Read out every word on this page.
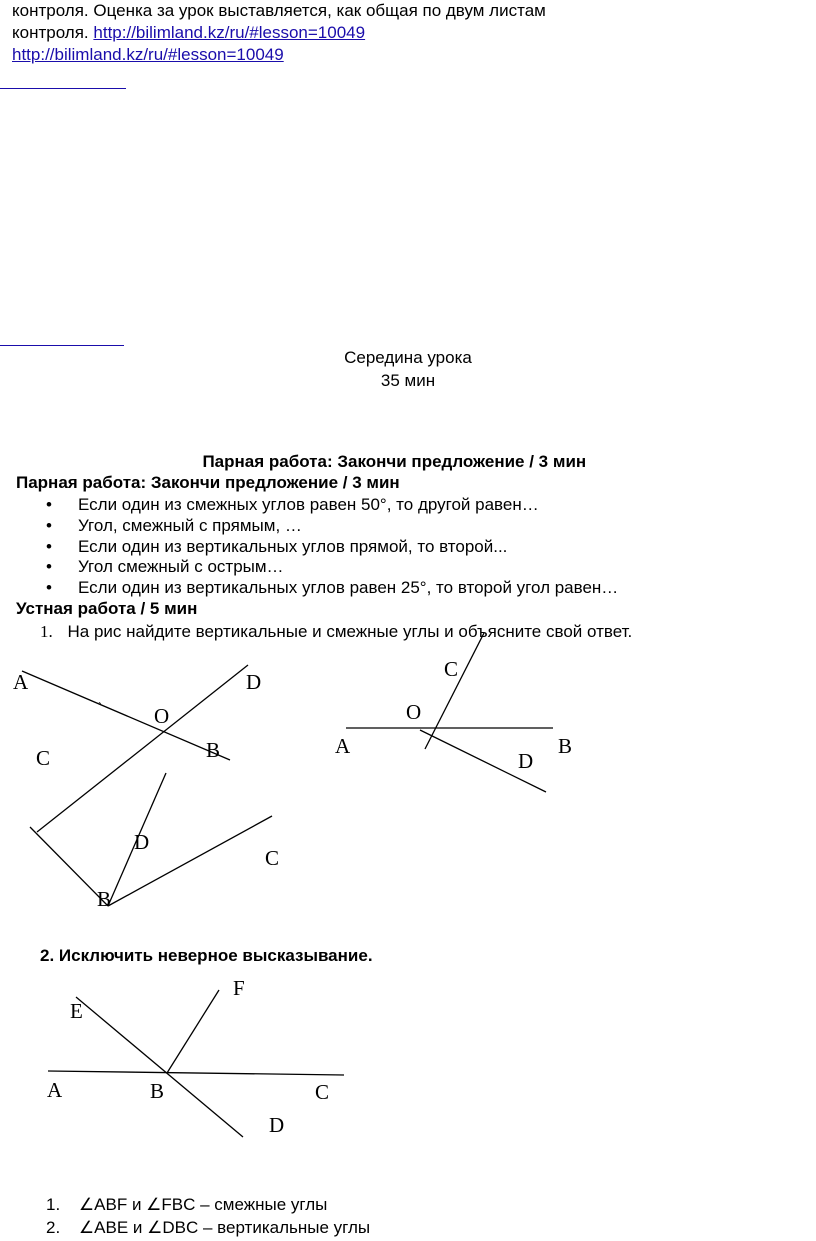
контроля. Оценка за урок выставляется, как общая по двум листам
контроля. http://bilimland.kz/ru/#lesson=10049
http://bilimland.kz/ru/#lesson=10049
Середина урока
35 мин
Парная работа: Закончи предложение / 3 мин
Парная работа: Закончи предложение / 3 мин
• Если один из смежных углов равен 50°, то другой равен…
• Угол, смежный с прямым, …
• Если один из вертикальных углов прямой, то второй...
• Угол смежный с острым…
• Если один из вертикальных углов равен 25°, то второй угол равен…
Устная работа / 5 мин
1. На рис найдите вертикальные и смежные углы и объясните свой ответ.
A	D
O
`
B
C
C
O
A	B
D
D
C
B
2. Исключить неверное высказывание.
F
E
A	B	C
D
1. ∠ABF и ∠FBC – смежные углы
2. ∠ABE и ∠DBC – вертикальные углы
